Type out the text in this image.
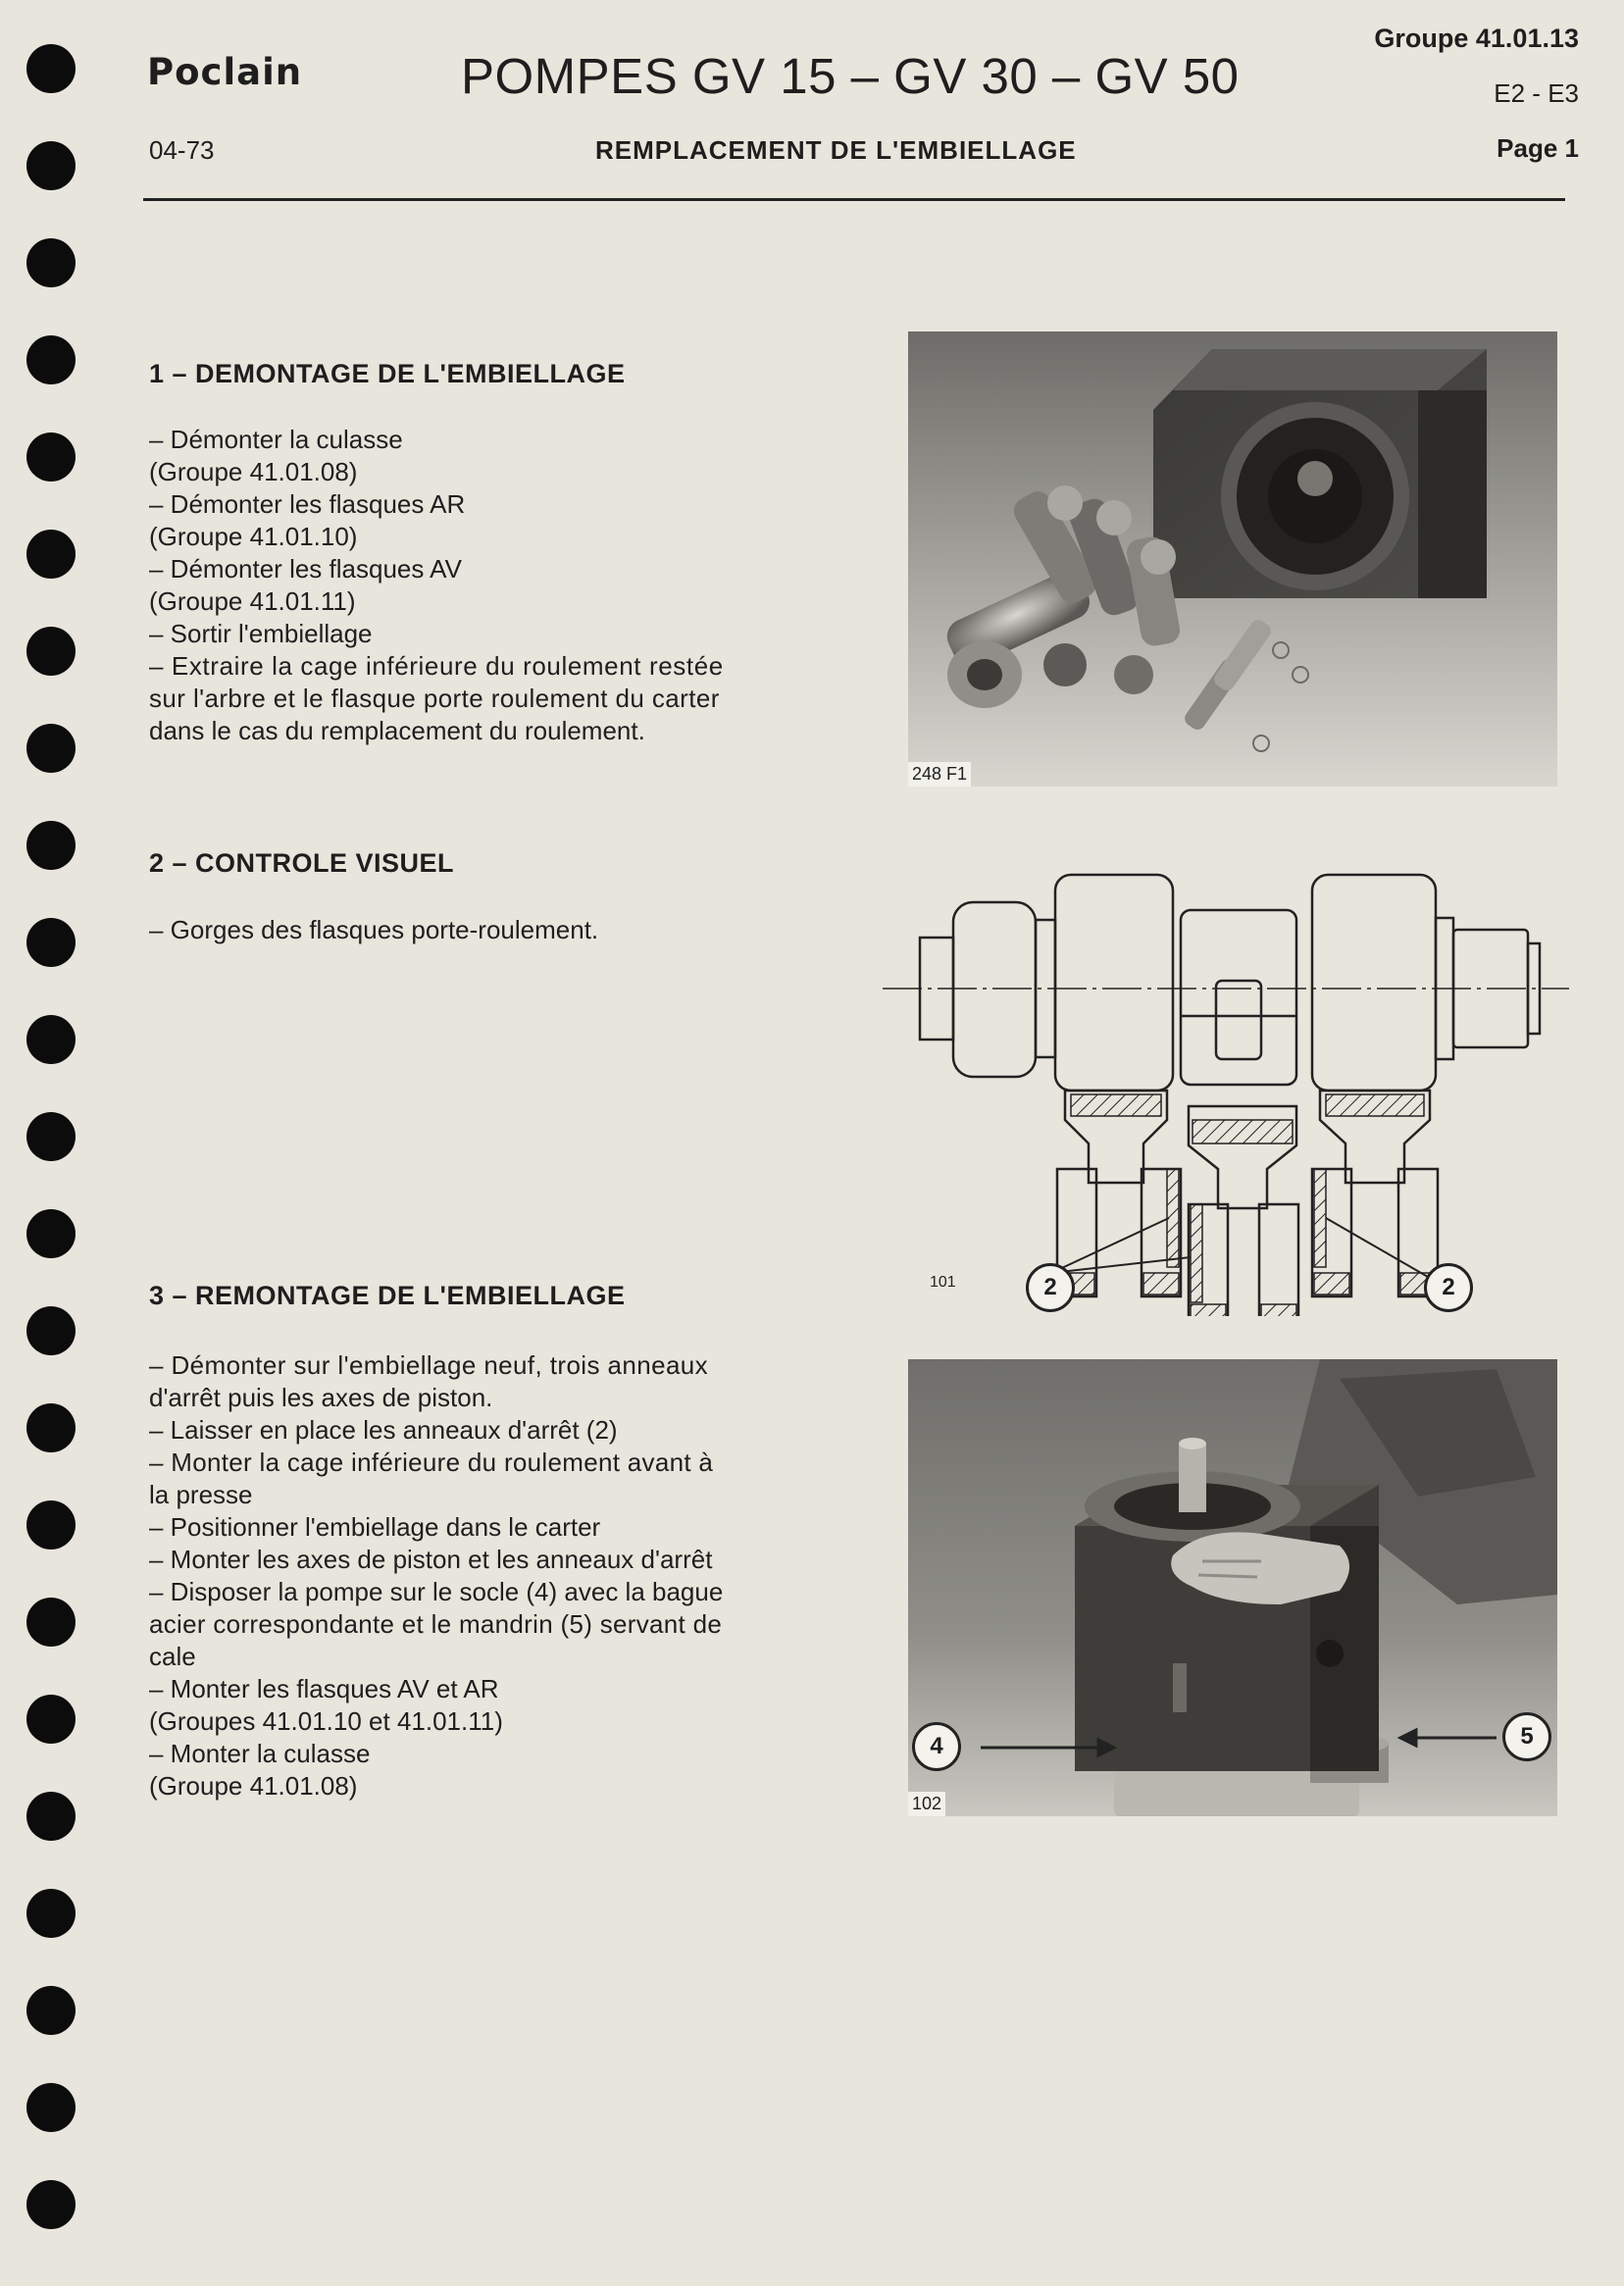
Poclain	POMPES GV 15 – GV 30 – GV 50
Groupe 41.01.13
E2 - E3
04-73	REMPLACEMENT DE L'EMBIELLAGE	Page 1
1 – DEMONTAGE DE L'EMBIELLAGE
– Démonter la culasse
(Groupe 41.01.08)
– Démonter les flasques AR
(Groupe 41.01.10)
– Démonter les flasques AV
(Groupe 41.01.11)
– Sortir l'embiellage
– Extraire la cage inférieure du roulement restée
sur l'arbre et le flasque porte roulement du carter
dans le cas du remplacement du roulement.
2 – CONTROLE VISUEL
– Gorges des flasques porte-roulement.
3 – REMONTAGE DE L'EMBIELLAGE
– Démonter sur l'embiellage neuf, trois anneaux
d'arrêt puis les axes de piston.
– Laisser en place les anneaux d'arrêt (2)
– Monter la cage inférieure du roulement avant à
la presse
– Positionner l'embiellage dans le carter
– Monter les axes de piston et les anneaux d'arrêt
– Disposer la pompe sur le socle (4) avec la bague
acier correspondante et le mandrin (5) servant de
cale
– Monter les flasques AV et AR
(Groupes 41.01.10 et 41.01.11)
– Monter la culasse
(Groupe 41.01.08)
248 F1
101	2	2
4	5
102
